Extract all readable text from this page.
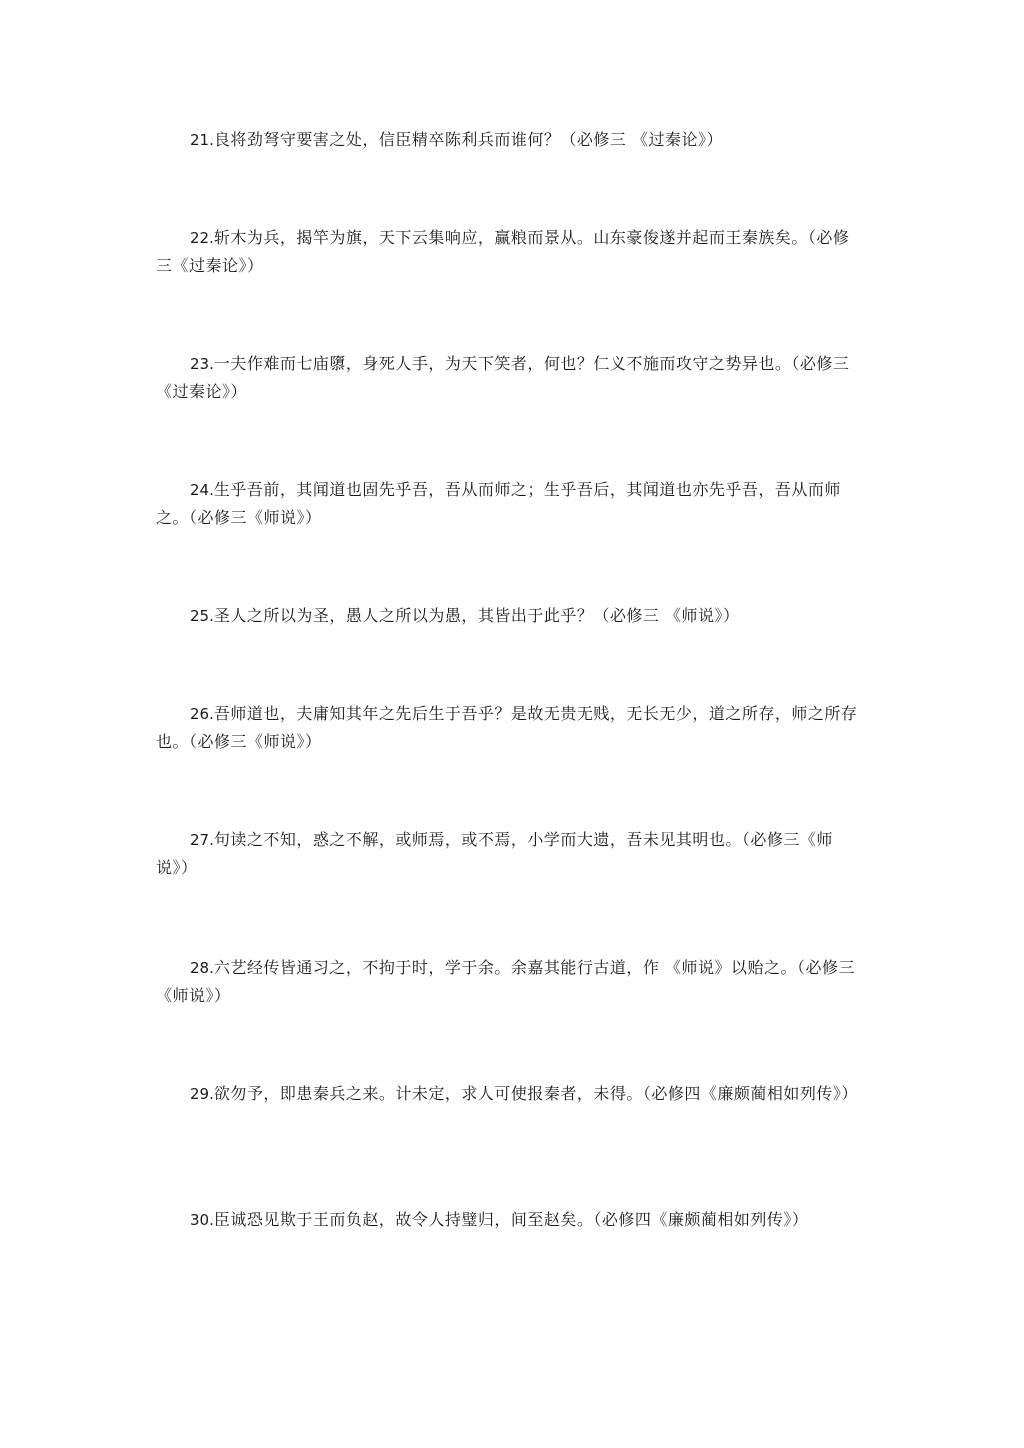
21.良将劲弩守要害之处，信臣精卒陈利兵而谁何？（必修三 《过秦论》）

22.斩木为兵，揭竿为旗，天下云集响应，赢粮而景从。山东豪俊遂并起而王秦族矣。（必修三《过秦论》）

23.一夫作难而七庙隳，身死人手，为天下笑者，何也？仁义不施而攻守之势异也。（必修三《过秦论》）

24.生乎吾前，其闻道也固先乎吾，吾从而师之；生乎吾后，其闻道也亦先乎吾，吾从而师之。（必修三《师说》）

25.圣人之所以为圣，愚人之所以为愚，其皆出于此乎？（必修三 《师说》）

26.吾师道也，夫庸知其年之先后生于吾乎？是故无贵无贱，无长无少，道之所存，师之所存也。（必修三《师说》）

27.句读之不知，惑之不解，或师焉，或不焉，小学而大遗，吾未见其明也。（必修三《师说》）

28.六艺经传皆通习之，不拘于时，学于余。余嘉其能行古道，作 《师说》以贻之。（必修三《师说》）

29.欲勿予，即患秦兵之来。计未定，求人可使报秦者，未得。（必修四《廉颇蔺相如列传》）

30.臣诚恐见欺于王而负赵，故令人持璧归，间至赵矣。（必修四《廉颇蔺相如列传》）
